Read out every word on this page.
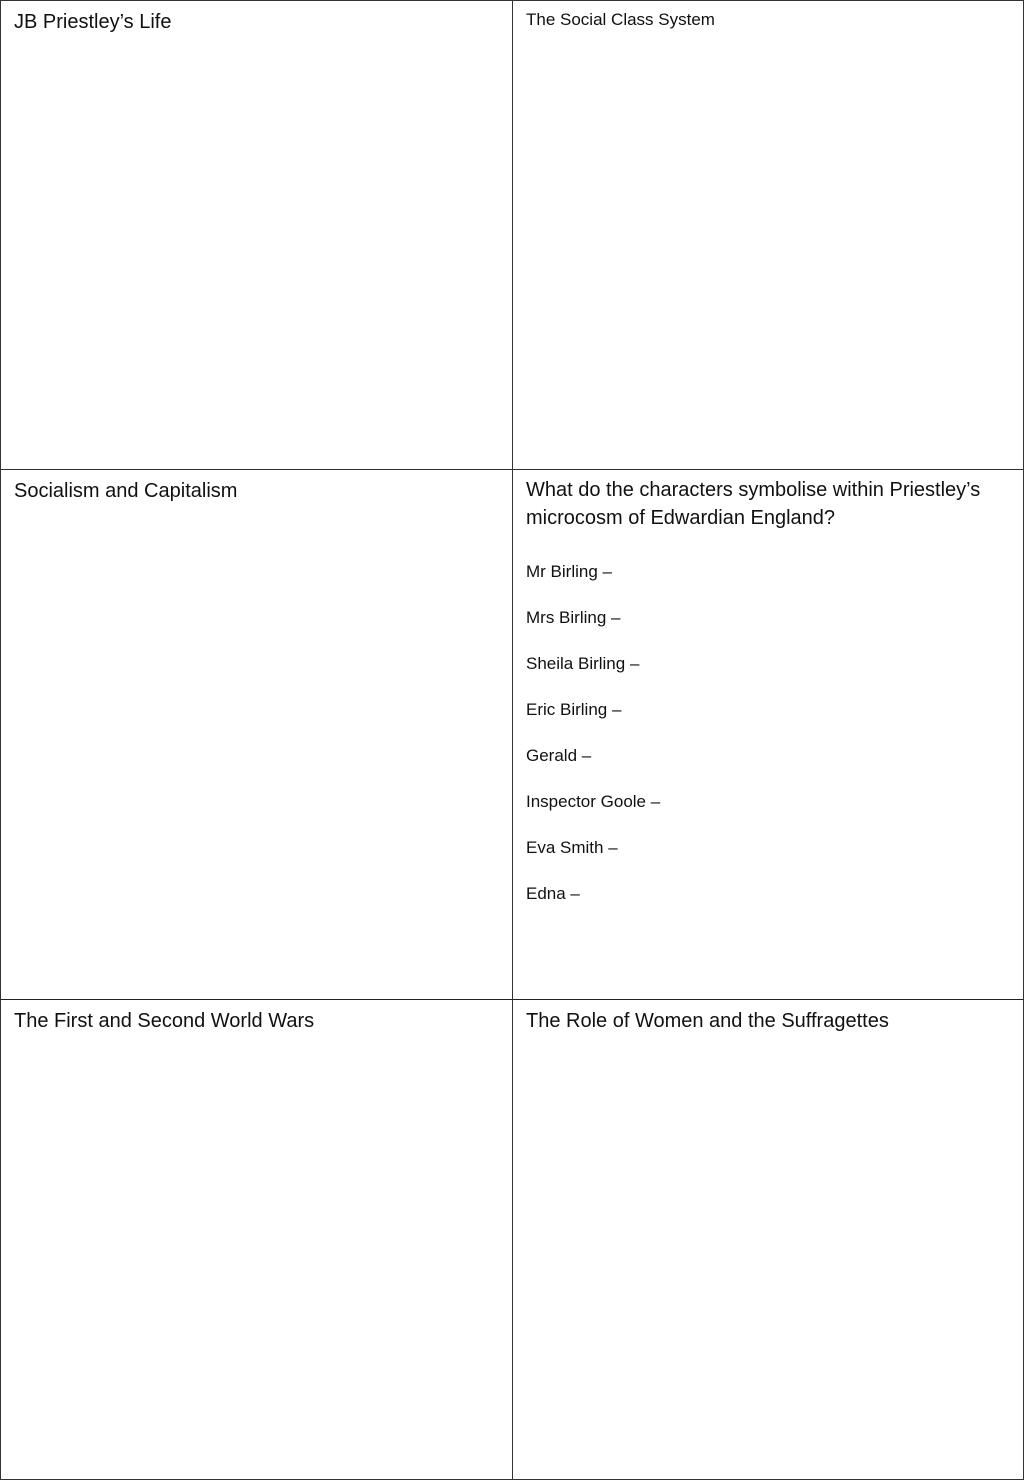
JB Priestley’s Life	The Social Class System

Socialism and Capitalism	What do the characters symbolise within Priestley’s microcosm of Edwardian England?

Mr Birling –
Mrs Birling –
Sheila Birling –
Eric Birling –
Gerald –
Inspector Goole –
Eva Smith –
Edna –

The First and Second World Wars	The Role of Women and the Suffragettes
